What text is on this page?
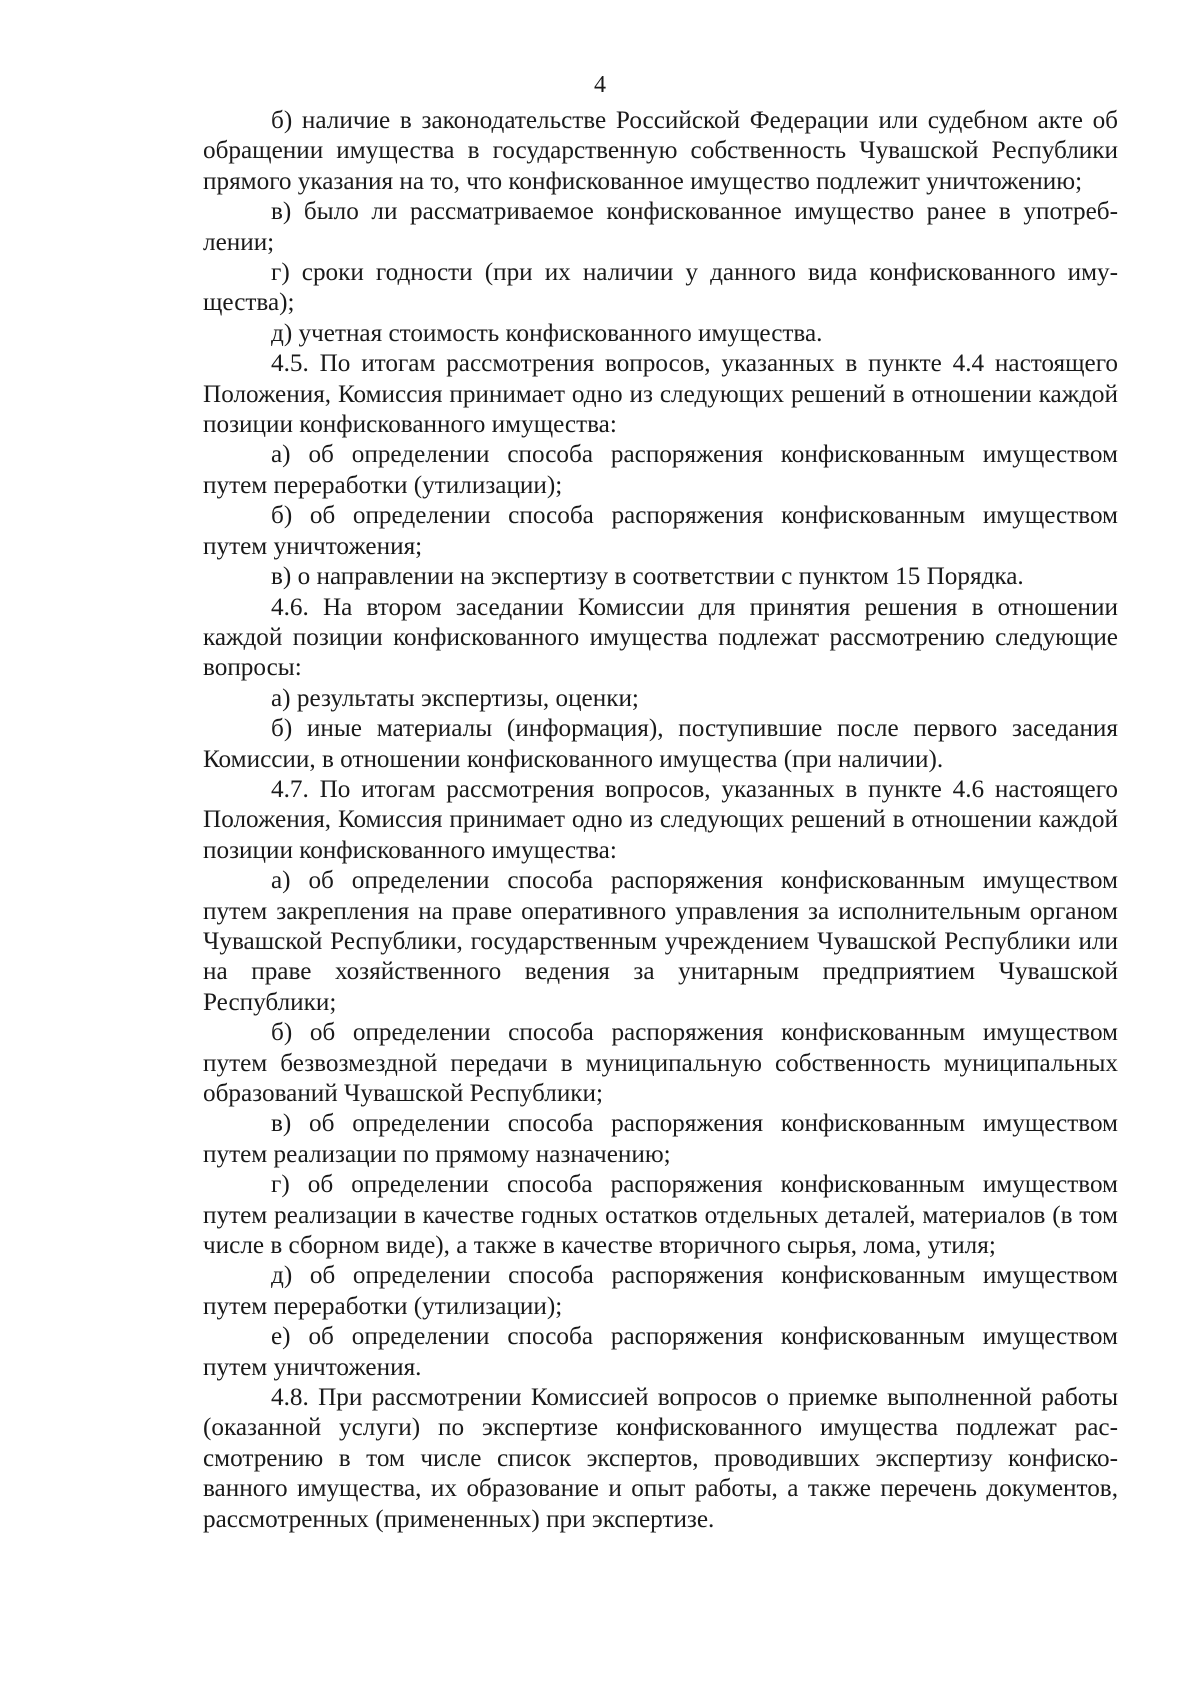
4

б) наличие в законодательстве Российской Федерации или судебном акте об обращении имущества в государственную собственность Чувашской Республики прямого указания на то, что конфискованное имущество подлежит уничтожению;

в) было ли рассматриваемое конфискованное имущество ранее в употреблении;

г) сроки годности (при их наличии у данного вида конфискованного имущества);

д) учетная стоимость конфискованного имущества.

4.5. По итогам рассмотрения вопросов, указанных в пункте 4.4 настоящего Положения, Комиссия принимает одно из следующих решений в отношении каждой позиции конфискованного имущества:

а) об определении способа распоряжения конфискованным имуществом путем переработки (утилизации);

б) об определении способа распоряжения конфискованным имуществом путем уничтожения;

в) о направлении на экспертизу в соответствии с пунктом 15 Порядка.

4.6. На втором заседании Комиссии для принятия решения в отношении каждой позиции конфискованного имущества подлежат рассмотрению следующие вопросы:

а) результаты экспертизы, оценки;

б) иные материалы (информация), поступившие после первого заседания Комиссии, в отношении конфискованного имущества (при наличии).

4.7. По итогам рассмотрения вопросов, указанных в пункте 4.6 настоящего Положения, Комиссия принимает одно из следующих решений в отношении каждой позиции конфискованного имущества:

а) об определении способа распоряжения конфискованным имуществом путем закрепления на праве оперативного управления за исполнительным органом Чувашской Республики, государственным учреждением Чувашской Республики или на праве хозяйственного ведения за унитарным предприятием Чувашской Республики;

б) об определении способа распоряжения конфискованным имуществом путем безвозмездной передачи в муниципальную собственность муниципальных образований Чувашской Республики;

в) об определении способа распоряжения конфискованным имуществом путем реализации по прямому назначению;

г) об определении способа распоряжения конфискованным имуществом путем реализации в качестве годных остатков отдельных деталей, материалов (в том числе в сборном виде), а также в качестве вторичного сырья, лома, утиля;

д) об определении способа распоряжения конфискованным имуществом путем переработки (утилизации);

е) об определении способа распоряжения конфискованным имуществом путем уничтожения.

4.8. При рассмотрении Комиссией вопросов о приемке выполненной работы (оказанной услуги) по экспертизе конфискованного имущества подлежат рассмотрению в том числе список экспертов, проводивших экспертизу конфискованного имущества, их образование и опыт работы, а также перечень документов, рассмотренных (примененных) при экспертизе.
